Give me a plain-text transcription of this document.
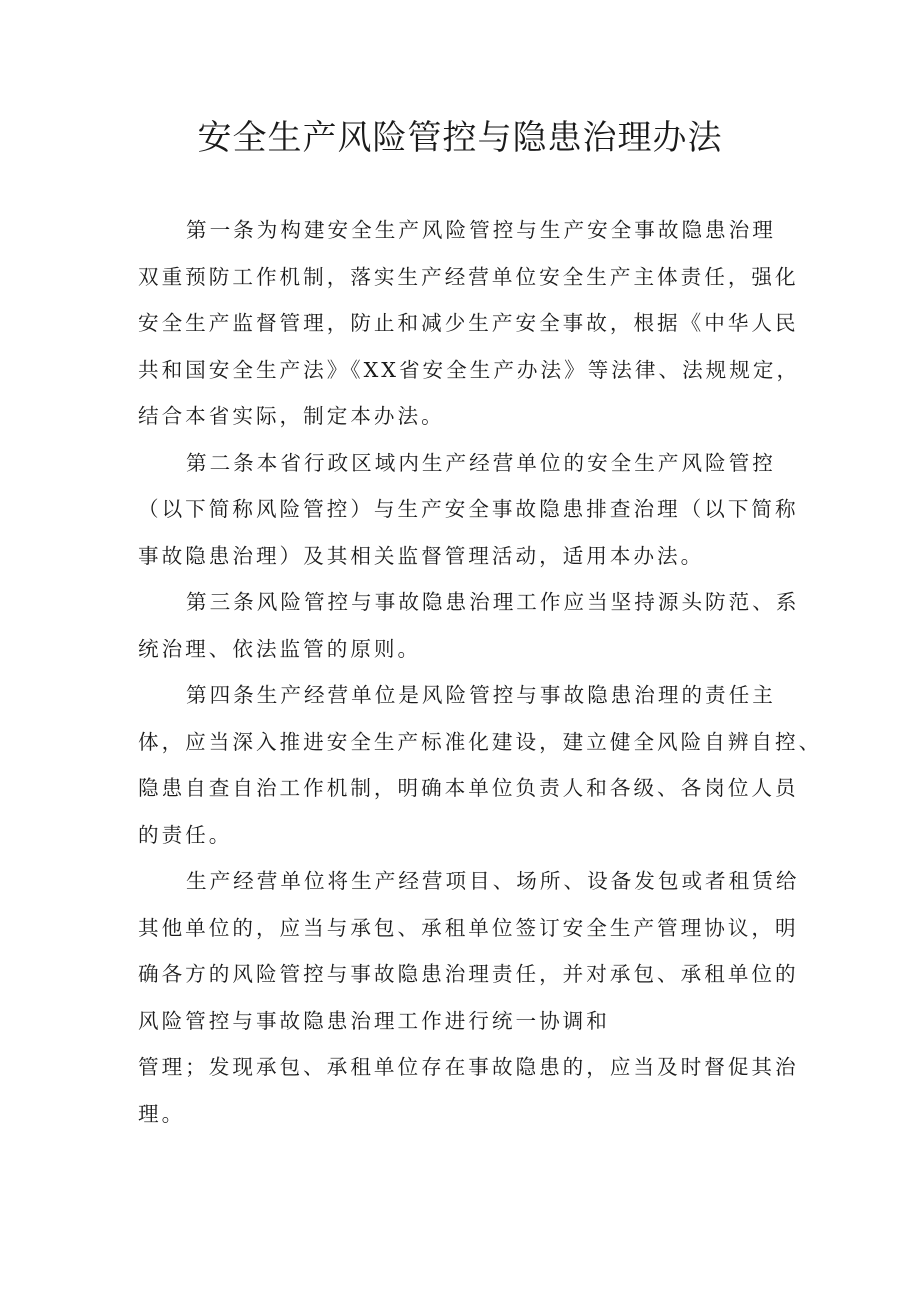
安全生产风险管控与隐患治理办法
第一条为构建安全生产风险管控与生产安全事故隐患治理
双重预防工作机制，落实生产经营单位安全生产主体责任，强化
安全生产监督管理，防止和减少生产安全事故，根据《中华人民
共和国安全生产法》《XX省安全生产办法》等法律、法规规定，
结合本省实际，制定本办法。
第二条本省行政区域内生产经营单位的安全生产风险管控
（以下简称风险管控）与生产安全事故隐患排查治理（以下简称
事故隐患治理）及其相关监督管理活动，适用本办法。
第三条风险管控与事故隐患治理工作应当坚持源头防范、系
统治理、依法监管的原则。
第四条生产经营单位是风险管控与事故隐患治理的责任主
体，应当深入推进安全生产标准化建设，建立健全风险自辨自控、
隐患自查自治工作机制，明确本单位负责人和各级、各岗位人员
的责任。
生产经营单位将生产经营项目、场所、设备发包或者租赁给
其他单位的，应当与承包、承租单位签订安全生产管理协议，明
确各方的风险管控与事故隐患治理责任，并对承包、承租单位的
风险管控与事故隐患治理工作进行统一协调和
管理；发现承包、承租单位存在事故隐患的，应当及时督促其治
理。
